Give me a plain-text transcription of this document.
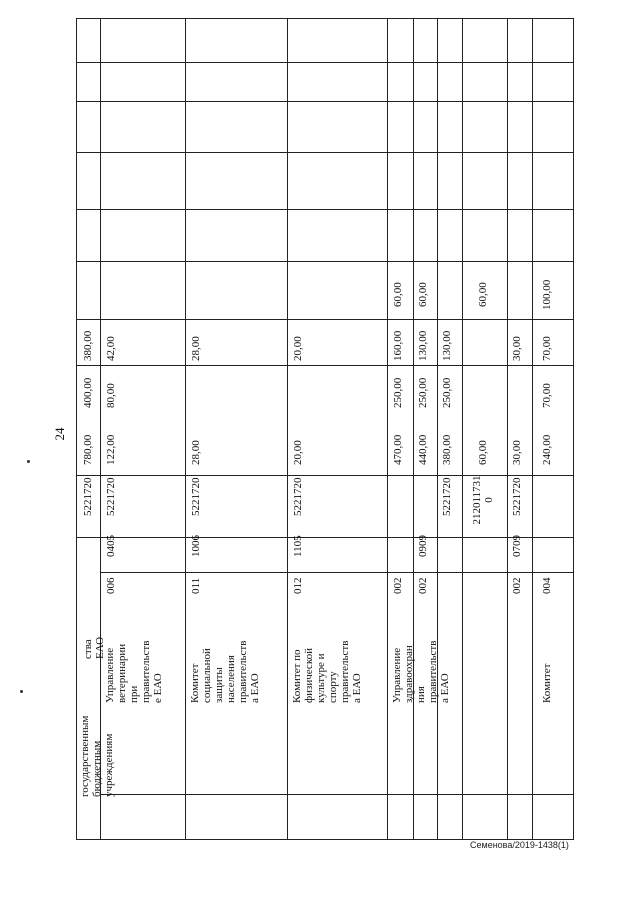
24
государственным
бюджетным
учреждениям
ства ЕАО
5221720
780,00
400,00
380,00
Управление
ветеринарии
при
правительств
е ЕАО
006
0405
5221720
122,00
80,00
42,00
Комитет
социальной
защиты
населения
правительств
а ЕАО
011
1006
5221720
28,00
28,00
Комитет по
физической
культуре и
спорту
правительств
а ЕАО
012
1105
5221720
20,00
20,00
Управление
здравоохран
ния
правительств
а ЕАО
002
470,00
250,00
160,00
60,00
002
0909
440,00
250,00
130,00
60,00
5221720
380,00
250,00
130,00
212011731
0
60,00
60,00
002
0709
5221720
30,00
30,00
Комитет
004
240,00
70,00
70,00
100,00
Семенова/2019-1438(1)
